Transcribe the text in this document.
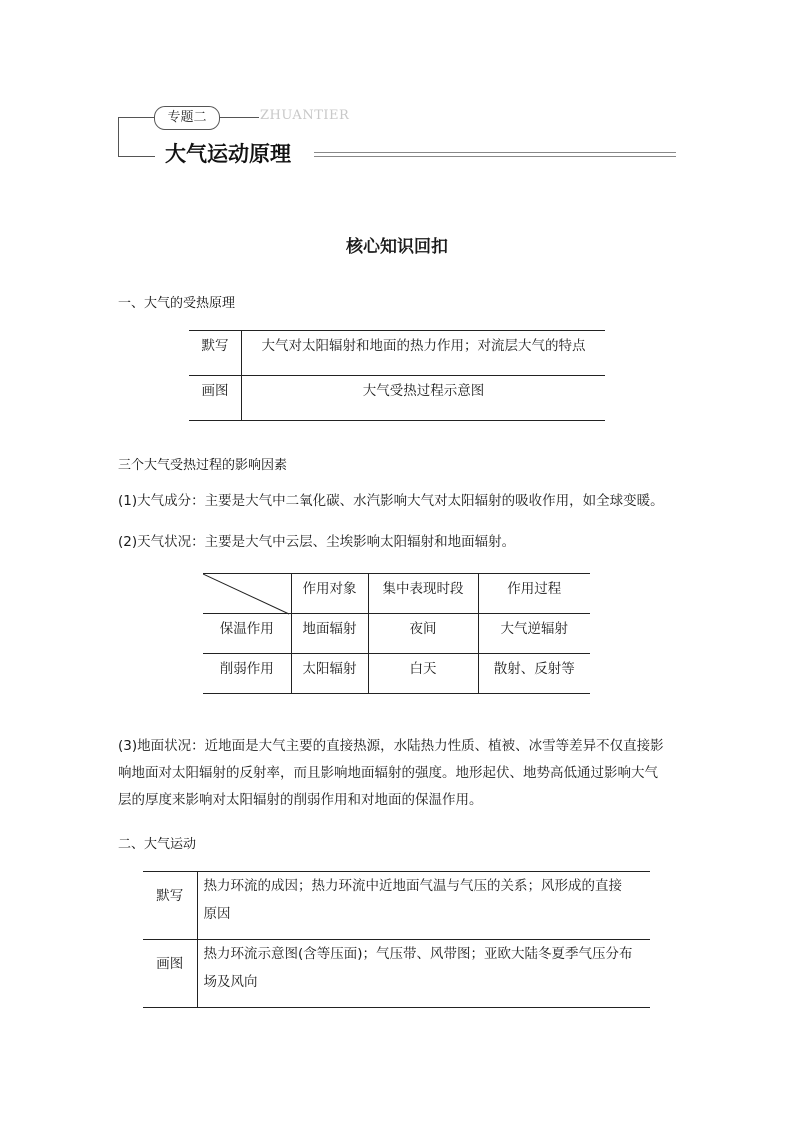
专题二	ZHUANTIER
大气运动原理
核心知识回扣
一、大气的受热原理
默写	大气对太阳辐射和地面的热力作用；对流层大气的特点
画图	大气受热过程示意图
三个大气受热过程的影响因素
(1)大气成分：主要是大气中二氧化碳、水汽影响大气对太阳辐射的吸收作用，如全球变暖。
(2)天气状况：主要是大气中云层、尘埃影响太阳辐射和地面辐射。
	作用对象	集中表现时段	作用过程
保温作用	地面辐射	夜间	大气逆辐射
削弱作用	太阳辐射	白天	散射、反射等
(3)地面状况：近地面是大气主要的直接热源，水陆热力性质、植被、冰雪等差异不仅直接影
响地面对太阳辐射的反射率，而且影响地面辐射的强度。地形起伏、地势高低通过影响大气
层的厚度来影响对太阳辐射的削弱作用和对地面的保温作用。
二、大气运动
默写	热力环流的成因；热力环流中近地面气温与气压的关系；风形成的直接
原因

画图	热力环流示意图(含等压面)；气压带、风带图；亚欧大陆冬夏季气压分布
场及风向
